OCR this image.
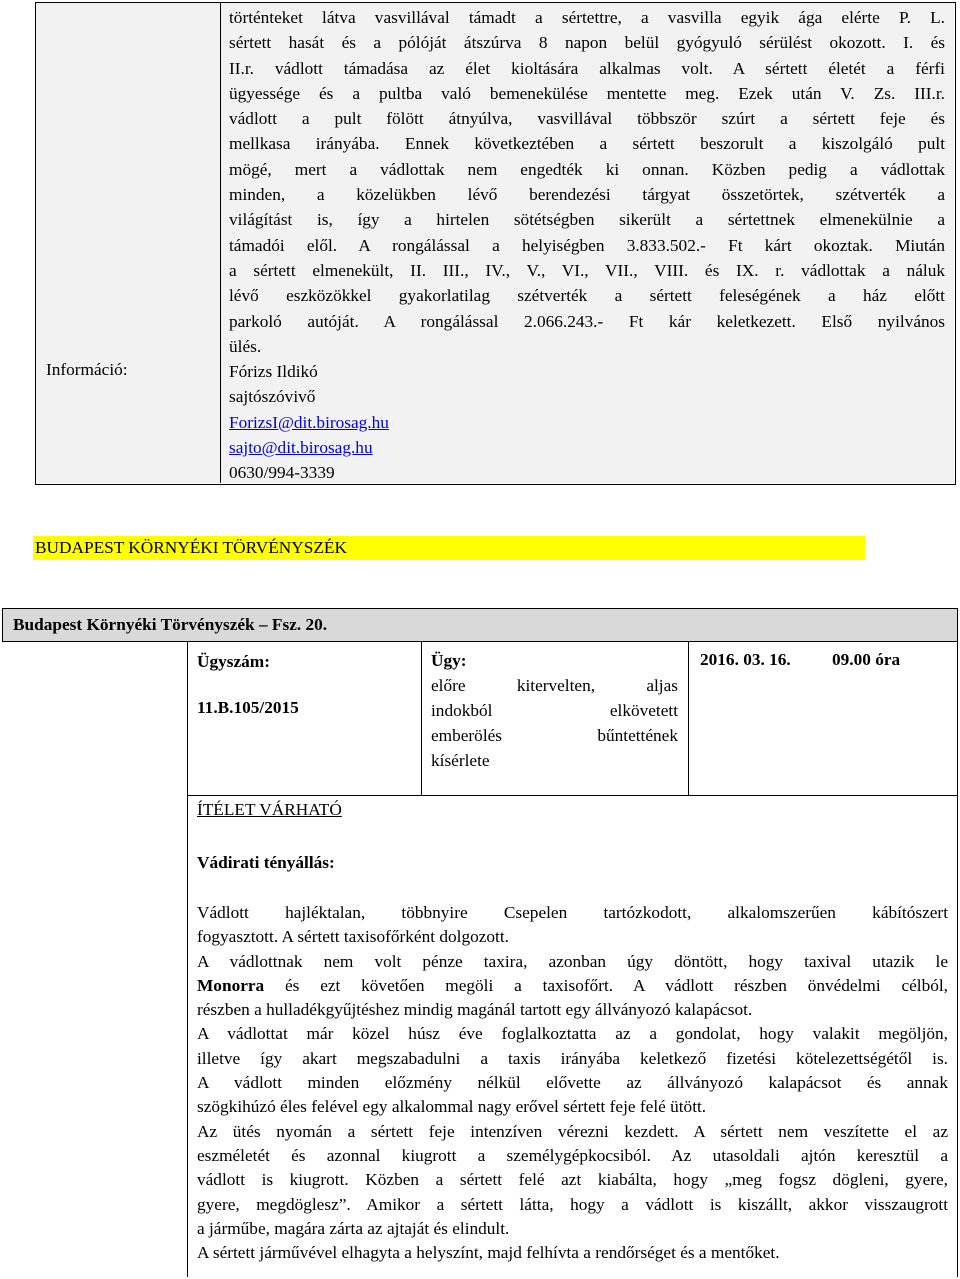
Információ:
történteket látva vasvillával támadt a sértettre, a vasvilla egyik ága elérte P. L.
sértett hasát és a pólóját átszúrva 8 napon belül gyógyuló sérülést okozott. I. és
II.r. vádlott támadása az élet kioltására alkalmas volt. A sértett életét a férfi
ügyessége és a pultba való bemenekülése mentette meg. Ezek után V. Zs. III.r.
vádlott a pult fölött átnyúlva, vasvillával többször szúrt a sértett feje és
mellkasa irányába. Ennek következtében a sértett beszorult a kiszolgáló pult
mögé, mert a vádlottak nem engedték ki onnan. Közben pedig a vádlottak
minden, a közelükben lévő berendezési tárgyat összetörtek, szétverték a
világítást is, így a hirtelen sötétségben sikerült a sértettnek elmenekülnie a
támadói elől. A rongálással a helyiségben 3.833.502.- Ft kárt okoztak. Miután
a sértett elmenekült, II. III., IV., V., VI., VII., VIII. és IX. r. vádlottak a náluk
lévő eszközökkel gyakorlatilag szétverték a sértett feleségének a ház előtt
parkoló autóját. A rongálással 2.066.243.- Ft kár keletkezett. Első nyilvános
ülés.
Fórizs Ildikó
sajtószóvivő
ForizsI@dit.birosag.hu
sajto@dit.birosag.hu
0630/994-3339
BUDAPEST KÖRNYÉKI TÖRVÉNYSZÉK
Budapest Környéki Törvényszék – Fsz. 20.
Ügyszám:
11.B.105/2015
Ügy:
előre kitervelten, aljas
indokból elkövetett
emberölés bűntettének
kísérlete
2016. 03. 16. 09.00 óra
ÍTÉLET VÁRHATÓ
Vádirati tényállás:
Vádlott hajléktalan, többnyire Csepelen tartózkodott, alkalomszerűen kábítószert
fogyasztott. A sértett taxisofőrként dolgozott.
A vádlottnak nem volt pénze taxira, azonban úgy döntött, hogy taxival utazik le
Monorra és ezt követően megöli a taxisofőrt. A vádlott részben önvédelmi célból,
részben a hulladékgyűjtéshez mindig magánál tartott egy állványozó kalapácsot.
A vádlottat már közel húsz éve foglalkoztatta az a gondolat, hogy valakit megöljön,
illetve így akart megszabadulni a taxis irányába keletkező fizetési kötelezettségétől is.
A vádlott minden előzmény nélkül elővette az állványozó kalapácsot és annak
szögkihúzó éles felével egy alkalommal nagy erővel sértett feje felé ütött.
Az ütés nyomán a sértett feje intenzíven vérezni kezdett. A sértett nem veszítette el az
eszméletét és azonnal kiugrott a személygépkocsiból. Az utasoldali ajtón keresztül a
vádlott is kiugrott. Közben a sértett felé azt kiabálta, hogy „meg fogsz dögleni, gyere,
gyere, megdöglesz”. Amikor a sértett látta, hogy a vádlott is kiszállt, akkor visszaugrott
a járműbe, magára zárta az ajtaját és elindult.
A sértett járművével elhagyta a helyszínt, majd felhívta a rendőrséget és a mentőket.
